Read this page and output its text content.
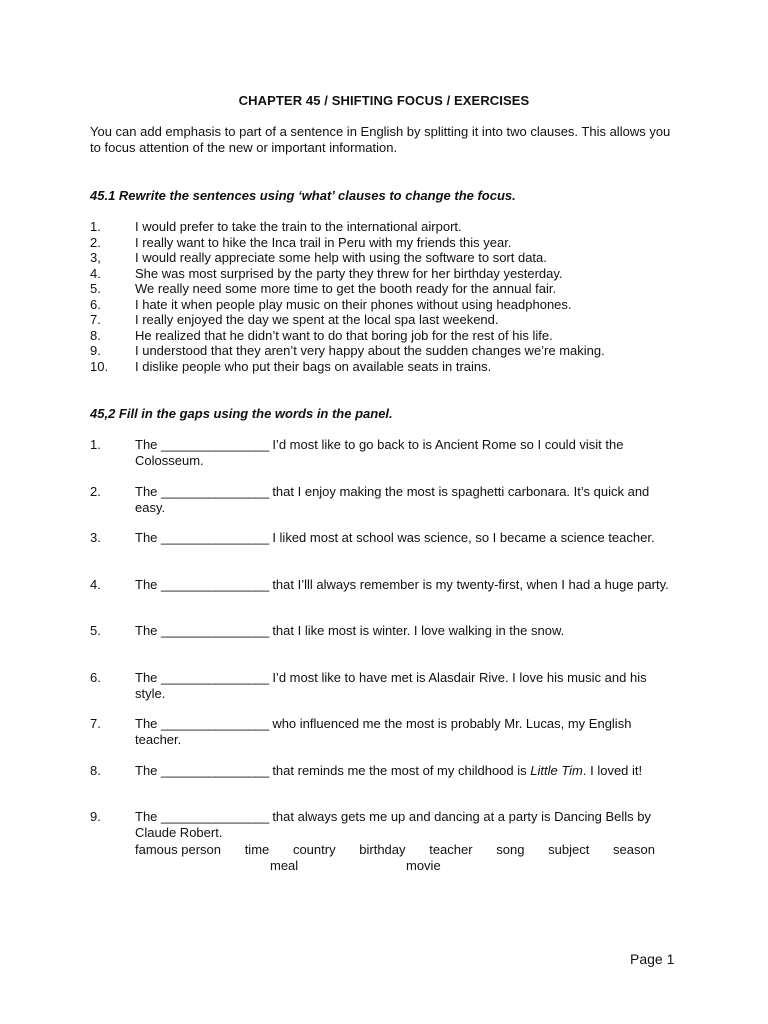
CHAPTER 45 / SHIFTING FOCUS / EXERCISES
You can add emphasis to part of a sentence in English by splitting it into two clauses. This allows you to focus attention of the new or important information.
45.1 Rewrite the sentences using ‘what’ clauses to change the focus.
1.	I would prefer to take the train to the international airport.
2.	I really want to hike the Inca trail in Peru with my friends this year.
3,	I would really appreciate some help with using the software to sort data.
4.	She was most surprised by the party they threw for her birthday yesterday.
5.	We really need some more time to get the booth ready for the annual fair.
6.	I hate it when people play music on their phones without using headphones.
7.	I really enjoyed the day we spent at the local spa last weekend.
8.	He realized that he didn’t want to do that boring job for the rest of his life.
9.	I understood that they aren’t very happy about the sudden changes we’re making.
10. I dislike people who put their bags on available seats in trains.
45,2 Fill in the gaps using the words in the panel.
1.	The ________________ I’d most like to go back to is Ancient Rome so I could visit the Colosseum.
2.	The ________________ that I enjoy making the most is spaghetti carbonara. It’s quick and easy.
3.	The ________________ I liked most at school was science, so I became a science teacher.
4.	The ________________ that I’lll always remember is my twenty-first, when I had a huge party.
5.	The ________________ that I like most is winter. I love walking in the snow.
6.	The ________________ I’d most like to have met is Alasdair Rive. I love his music and his style.
7.	The ________________ who influenced me the most is probably Mr. Lucas, my English teacher.
8.	The ________________ that reminds me the most of my childhood is Little Tim. I loved it!
9.	The ________________ that always gets me up and dancing at a party is Dancing Bells by Claude Robert.
famous person time country birthday teacher song subject season
meal	movie
Page 1
